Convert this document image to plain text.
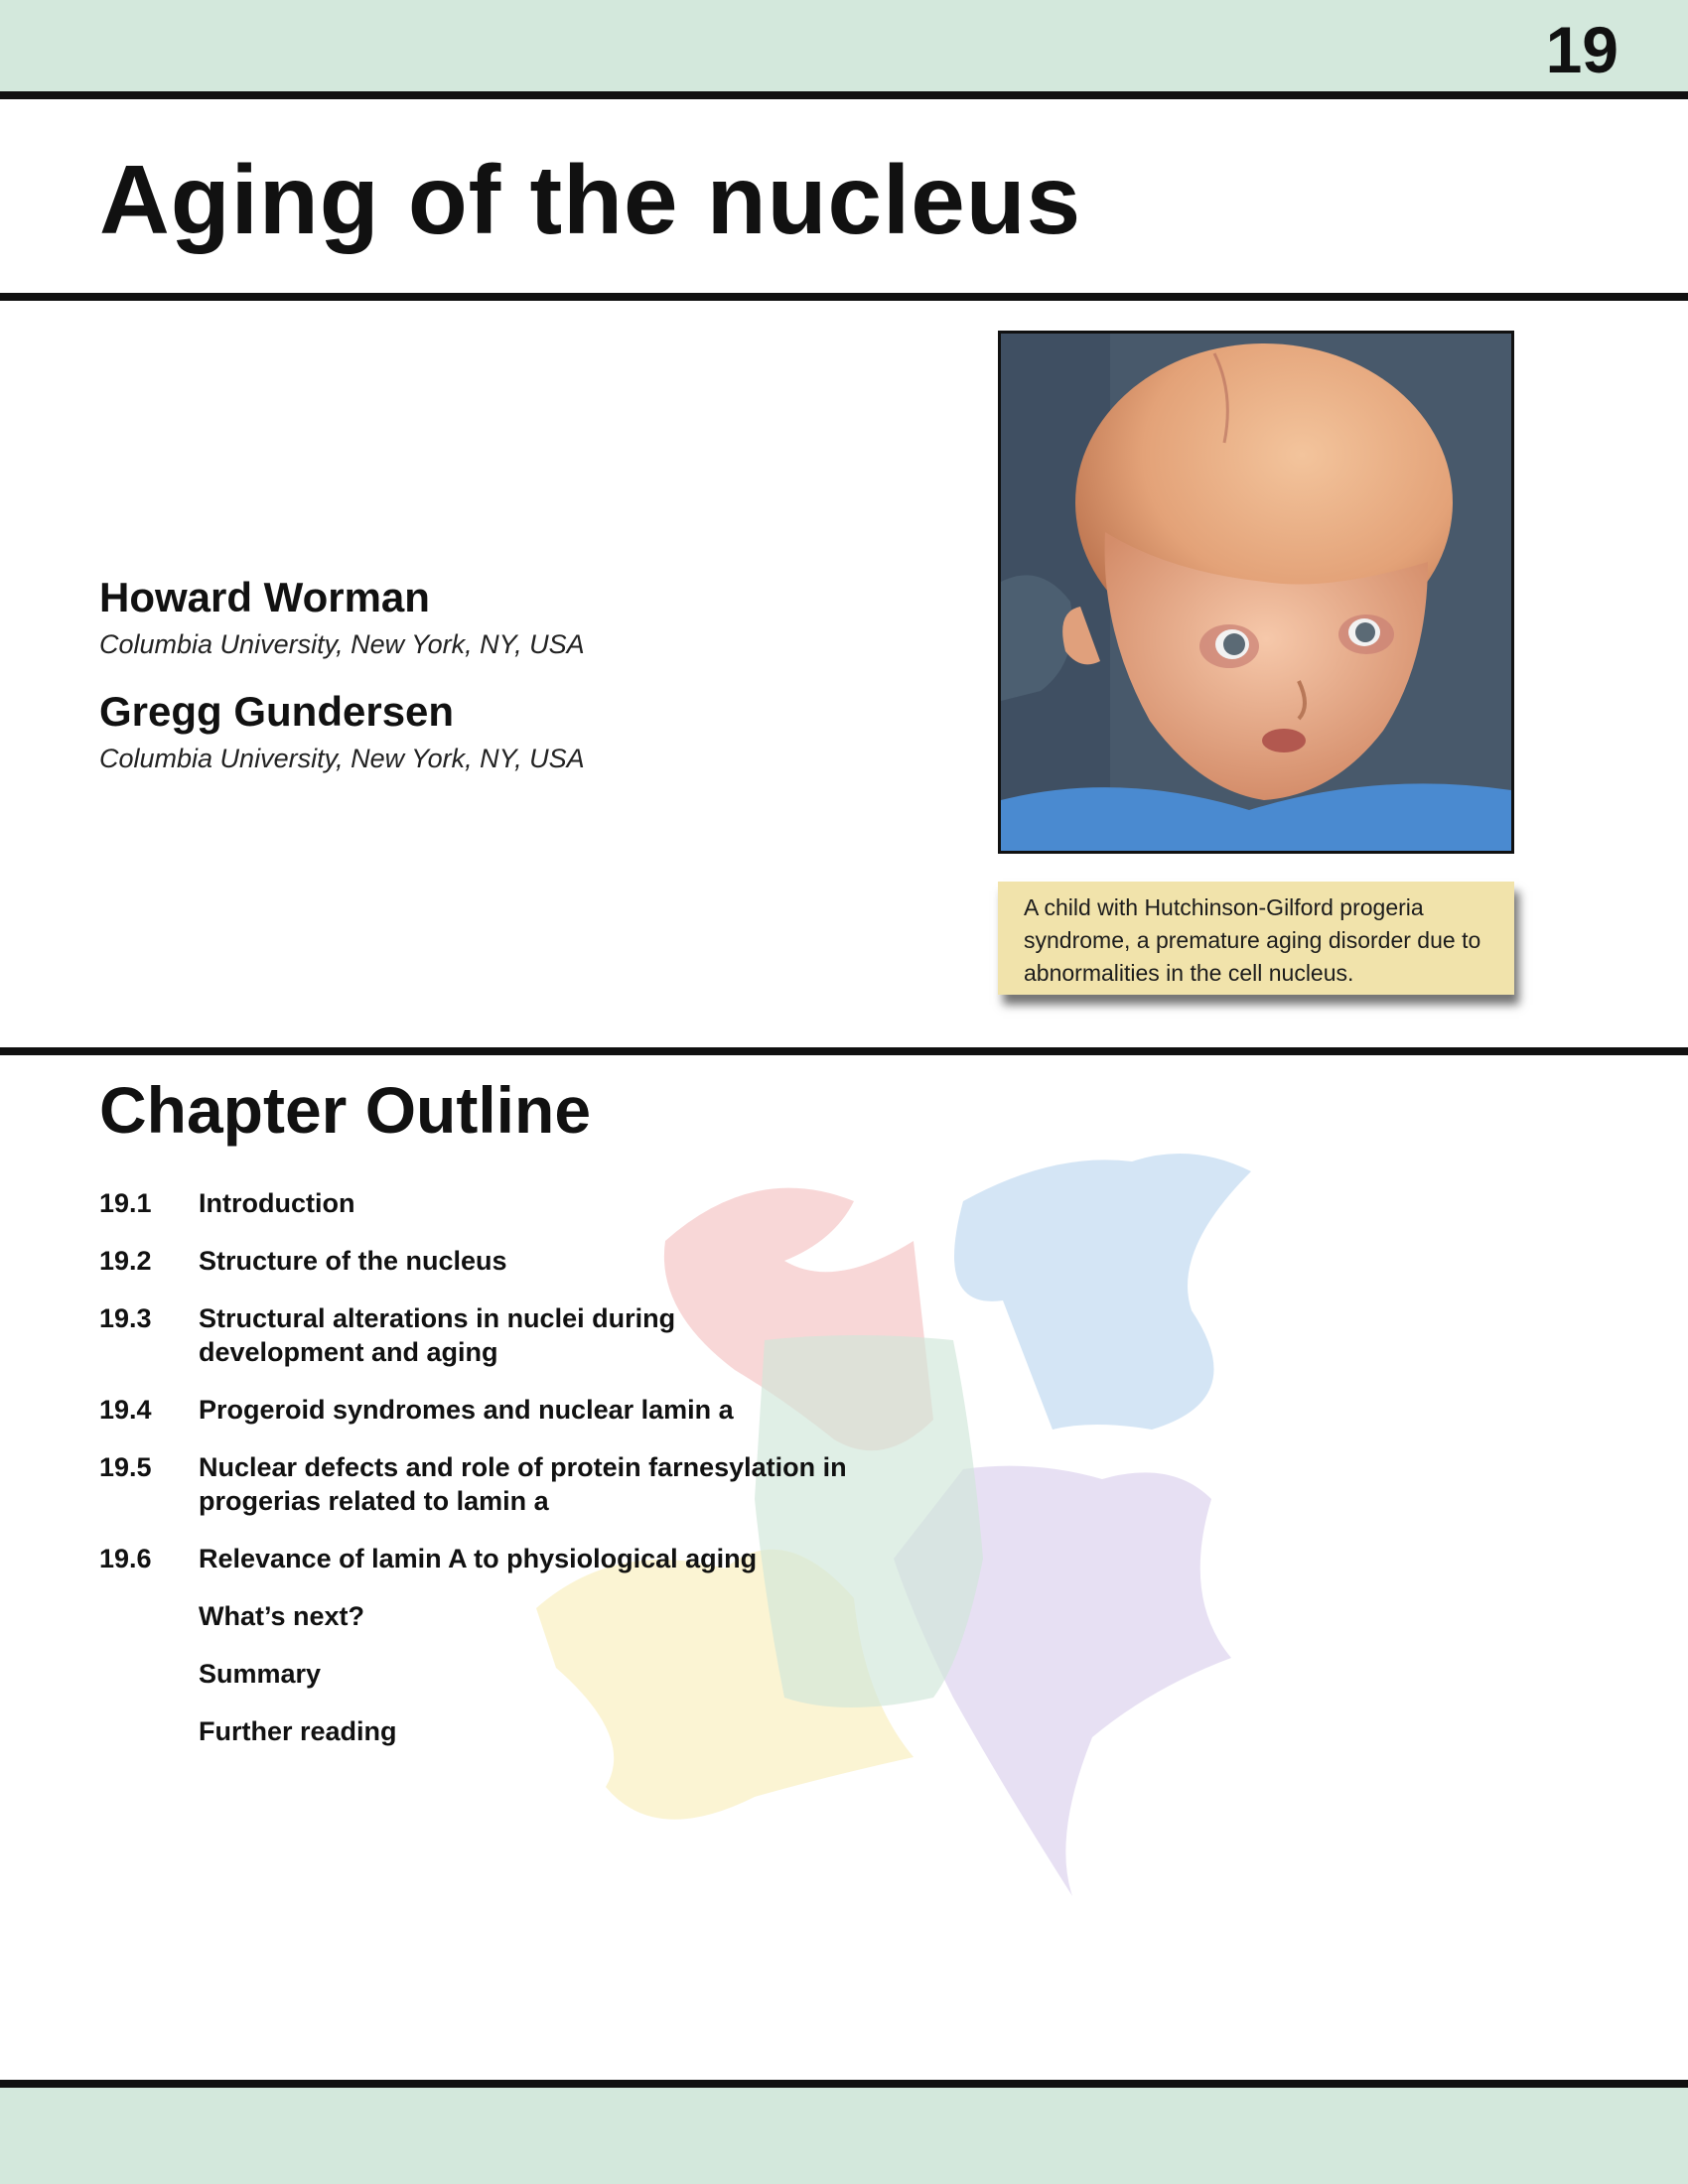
19
Aging of the nucleus
Howard Worman
Columbia University, New York, NY, USA
Gregg Gundersen
Columbia University, New York, NY, USA
A child with Hutchinson-Gilford progeria syndrome, a premature aging disorder due to abnormalities in the cell nucleus.
Chapter Outline
19.1	Introduction
19.2	Structure of the nucleus
19.3	Structural alterations in nuclei during development and aging
19.4	Progeroid syndromes and nuclear lamin a
19.5	Nuclear defects and role of protein farnesylation in progerias related to lamin a
19.6	Relevance of lamin A to physiological aging
What’s next?
Summary
Further reading
